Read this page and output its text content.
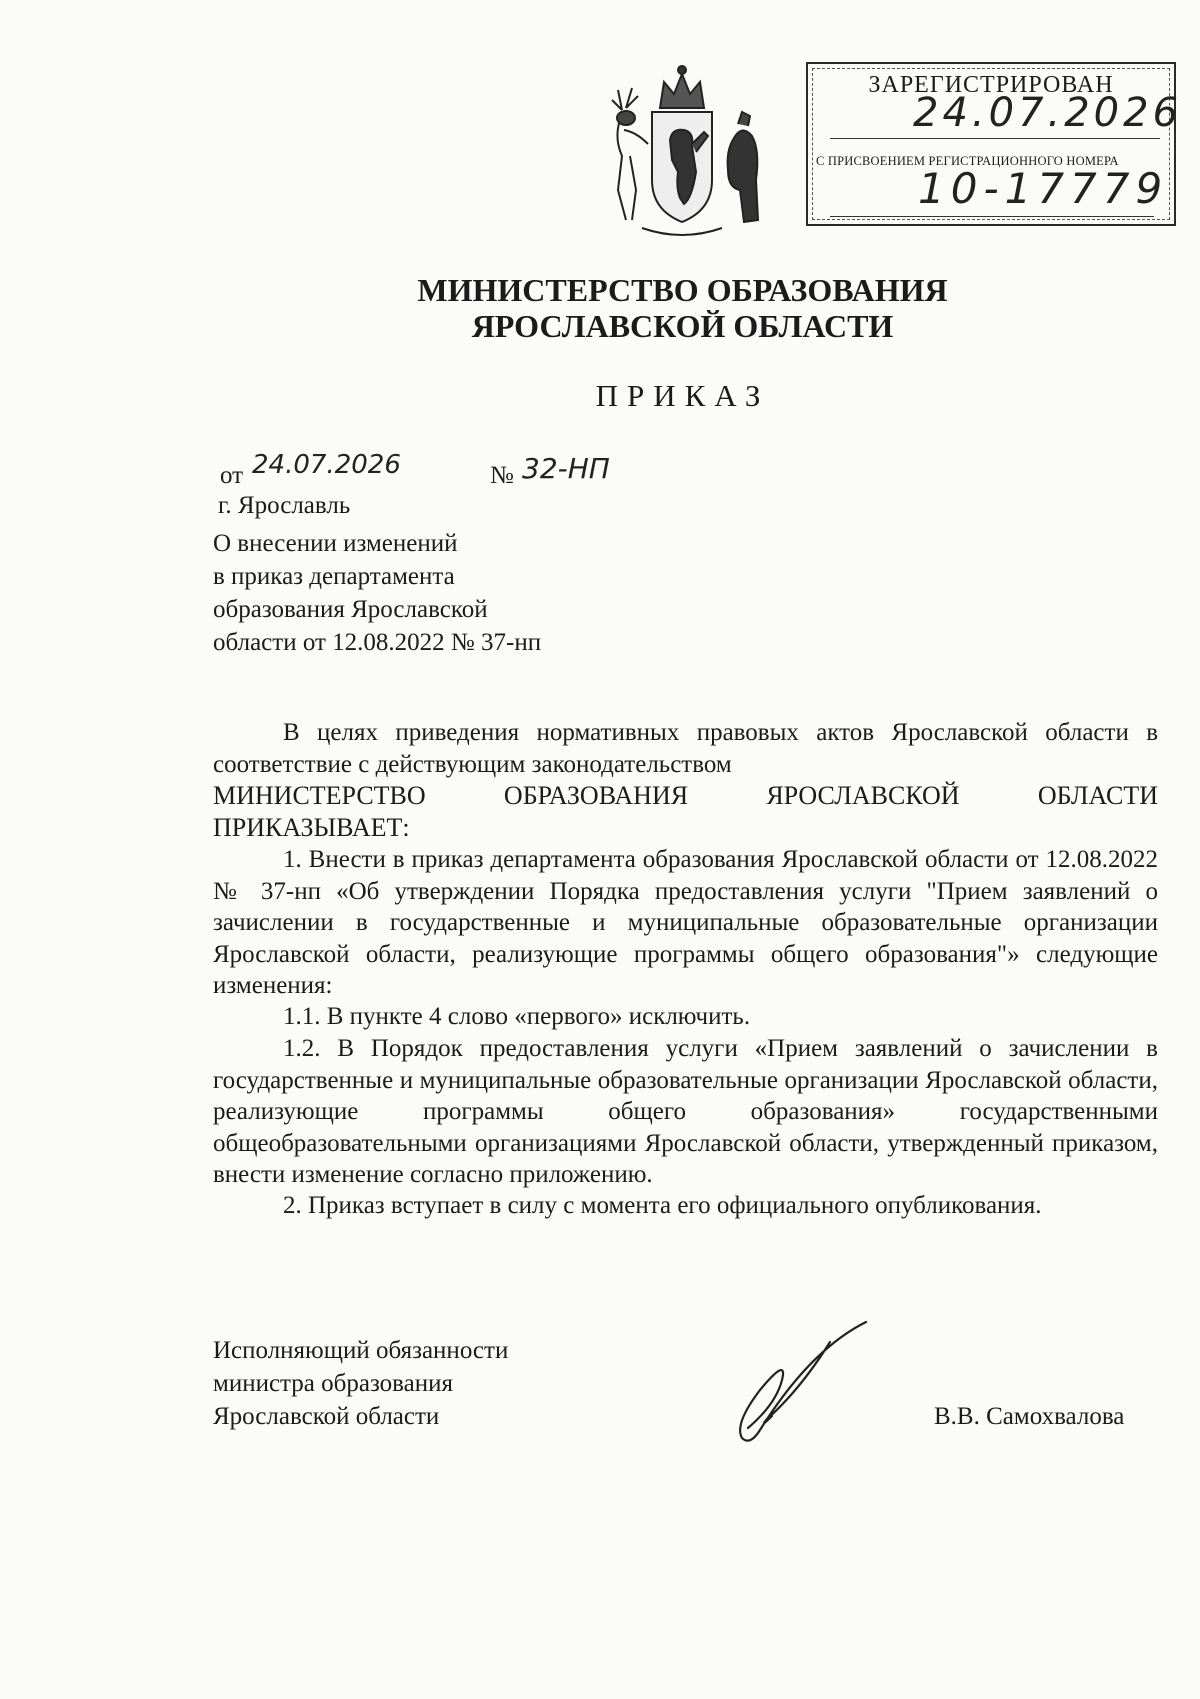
ЗАРЕГИСТРИРОВАН
24.07.2026
С ПРИСВОЕНИЕМ РЕГИСТРАЦИОННОГО НОМЕРА
10-17779
МИНИСТЕРСТВО ОБРАЗОВАНИЯ
ЯРОСЛАВСКОЙ ОБЛАСТИ
ПРИКАЗ
от 24.07.2026	№ 32-НП
г. Ярославль
О внесении изменений
в приказ департамента
образования Ярославской
области от 12.08.2022 № 37-нп
В целях приведения нормативных правовых актов Ярославской области в соответствие с действующим законодательством
МИНИСТЕРСТВО ОБРАЗОВАНИЯ ЯРОСЛАВСКОЙ ОБЛАСТИ
ПРИКАЗЫВАЕТ:
1. Внести в приказ департамента образования Ярославской области от 12.08.2022 № 37-нп «Об утверждении Порядка предоставления услуги "Прием заявлений о зачислении в государственные и муниципальные образовательные организации Ярославской области, реализующие программы общего образования"» следующие изменения:
1.1. В пункте 4 слово «первого» исключить.
1.2. В Порядок предоставления услуги «Прием заявлений о зачислении в государственные и муниципальные образовательные организации Ярославской области, реализующие программы общего образования» государственными общеобразовательными организациями Ярославской области, утвержденный приказом, внести изменение согласно приложению.
2. Приказ вступает в силу с момента его официального опубликования.
Исполняющий обязанности
министра образования
Ярославской области	В.В. Самохвалова
